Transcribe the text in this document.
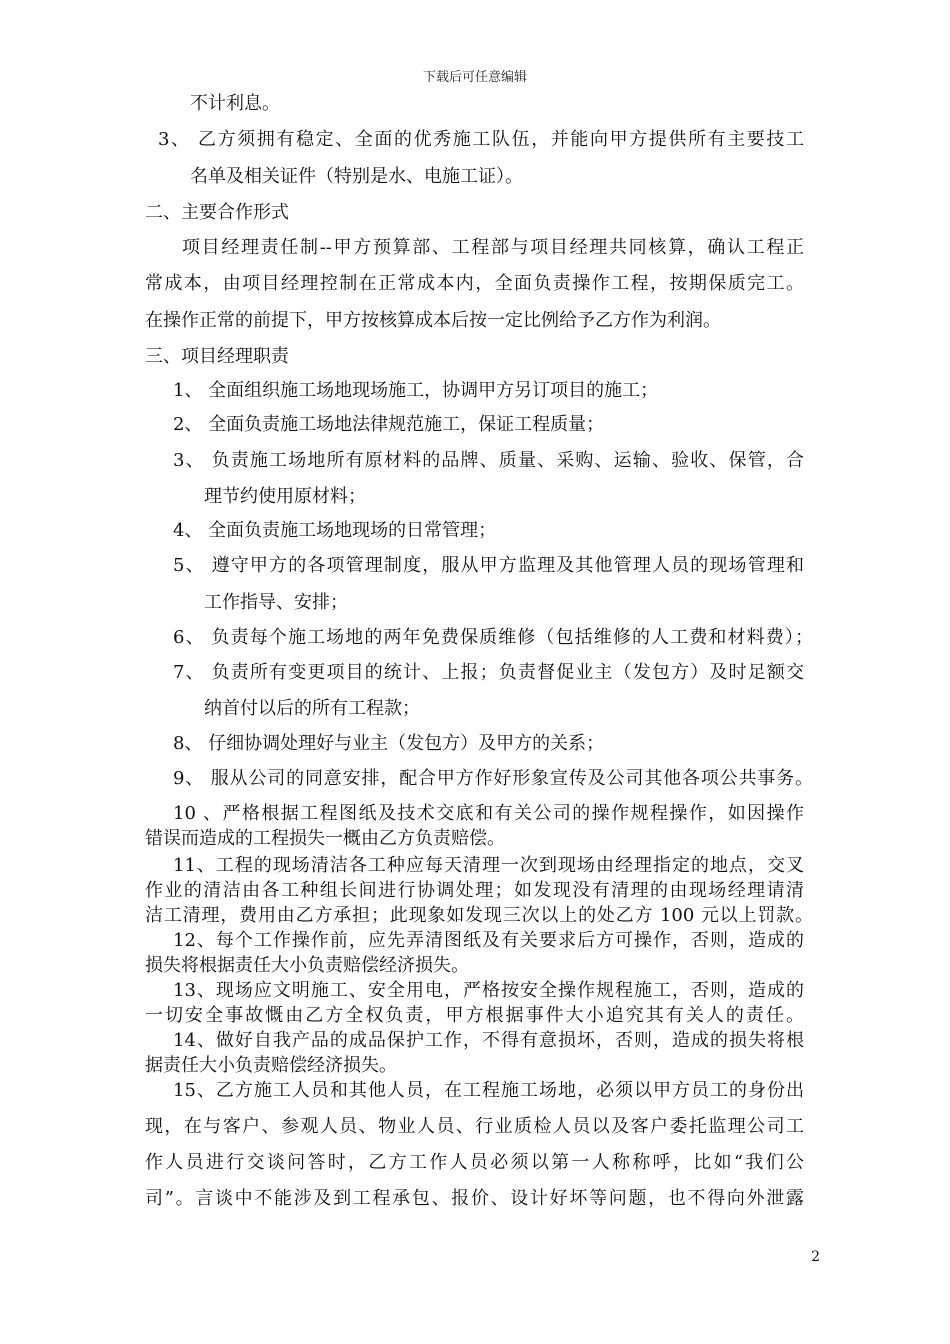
下载后可任意编辑
不计利息。
3、 乙方须拥有稳定、全面的优秀施工队伍，并能向甲方提供所有主要技工
名单及相关证件（特别是水、电施工证）。
二、主要合作形式
项目经理责任制--甲方预算部、工程部与项目经理共同核算，确认工程正
常成本，由项目经理控制在正常成本内，全面负责操作工程，按期保质完工。
在操作正常的前提下，甲方按核算成本后按一定比例给予乙方作为利润。
三、项目经理职责
1、 全面组织施工场地现场施工，协调甲方另订项目的施工；
2、 全面负责施工场地法律规范施工，保证工程质量；
3、 负责施工场地所有原材料的品牌、质量、采购、运输、验收、保管，合
理节约使用原材料；
4、 全面负责施工场地现场的日常管理；
5、 遵守甲方的各项管理制度，服从甲方监理及其他管理人员的现场管理和
工作指导、安排；
6、 负责每个施工场地的两年免费保质维修（包括维修的人工费和材料费）；
7、 负责所有变更项目的统计、上报；负责督促业主（发包方）及时足额交
纳首付以后的所有工程款；
8、 仔细协调处理好与业主（发包方）及甲方的关系；
9、 服从公司的同意安排，配合甲方作好形象宣传及公司其他各项公共事务。
10 、严格根据工程图纸及技术交底和有关公司的操作规程操作，如因操作
错误而造成的工程损失一概由乙方负责赔偿。
11、工程的现场清洁各工种应每天清理一次到现场由经理指定的地点，交叉
作业的清洁由各工种组长间进行协调处理；如发现没有清理的由现场经理请清
洁工清理，费用由乙方承担；此现象如发现三次以上的处乙方 100 元以上罚款。
12、每个工作操作前，应先弄清图纸及有关要求后方可操作，否则，造成的
损失将根据责任大小负责赔偿经济损失。
13、现场应文明施工、安全用电，严格按安全操作规程施工，否则，造成的
一切安全事故慨由乙方全权负责，甲方根据事件大小追究其有关人的责任。
14、做好自我产品的成品保护工作，不得有意损坏，否则，造成的损失将根
据责任大小负责赔偿经济损失。
15、乙方施工人员和其他人员，在工程施工场地，必须以甲方员工的身份出
现，在与客户、参观人员、物业人员、行业质检人员以及客户委托监理公司工
作人员进行交谈问答时，乙方工作人员必须以第一人称称呼，比如“我们公
司”。言谈中不能涉及到工程承包、报价、设计好坏等问题，也不得向外泄露
2
